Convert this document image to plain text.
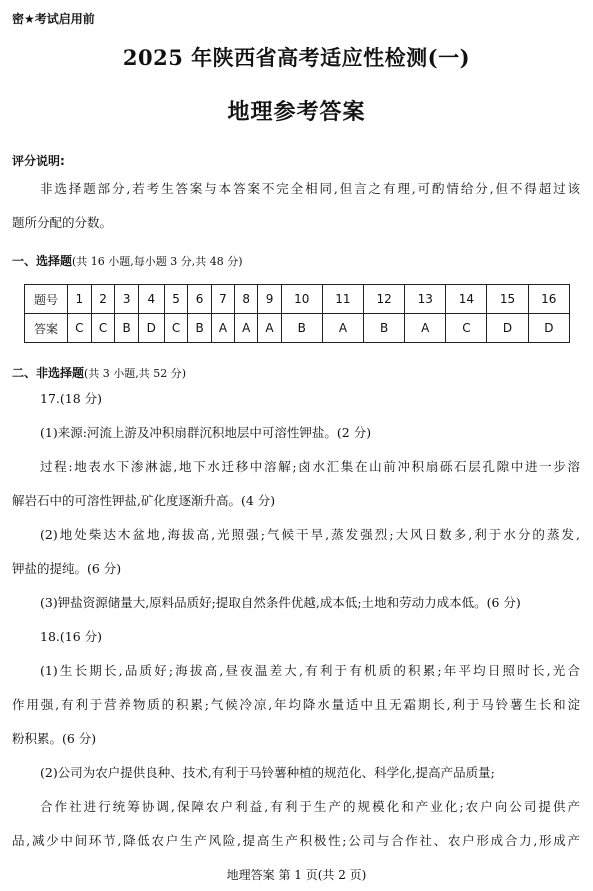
密★考试启用前
2025 年陕西省高考适应性检测(一)
地理参考答案
评分说明:
非选择题部分,若考生答案与本答案不完全相同,但言之有理,可酌情给分,但不得超过该
题所分配的分数。
一、选择题(共 16 小题,每小题 3 分,共 48 分)
题号	1	2	3	4	5	6	7	8	9	10	11	12	13	14	15	16
答案	C	C	B	D	C	B	A	A	A	B	A	B	A	C	D	D
二、非选择题(共 3 小题,共 52 分)
17.(18 分)
(1)来源:河流上游及冲积扇群沉积地层中可溶性钾盐。(2 分)
过程:地表水下渗淋滤,地下水迁移中溶解;卤水汇集在山前冲积扇砾石层孔隙中进一步溶
解岩石中的可溶性钾盐,矿化度逐渐升高。(4 分)
(2)地处柴达木盆地,海拔高,光照强;气候干旱,蒸发强烈;大风日数多,利于水分的蒸发,
钾盐的提纯。(6 分)
(3)钾盐资源储量大,原料品质好;提取自然条件优越,成本低;土地和劳动力成本低。(6 分)
18.(16 分)
(1)生长期长,品质好;海拔高,昼夜温差大,有利于有机质的积累;年平均日照时长,光合
作用强,有利于营养物质的积累;气候冷凉,年均降水量适中且无霜期长,利于马铃薯生长和淀
粉积累。(6 分)
(2)公司为农户提供良种、技术,有利于马铃薯种植的规范化、科学化,提高产品质量;
合作社进行统筹协调,保障农户利益,有利于生产的规模化和产业化;农户向公司提供产
品,减少中间环节,降低农户生产风险,提高生产积极性;公司与合作社、农户形成合力,形成产
地理答案 第 1 页(共 2 页)
